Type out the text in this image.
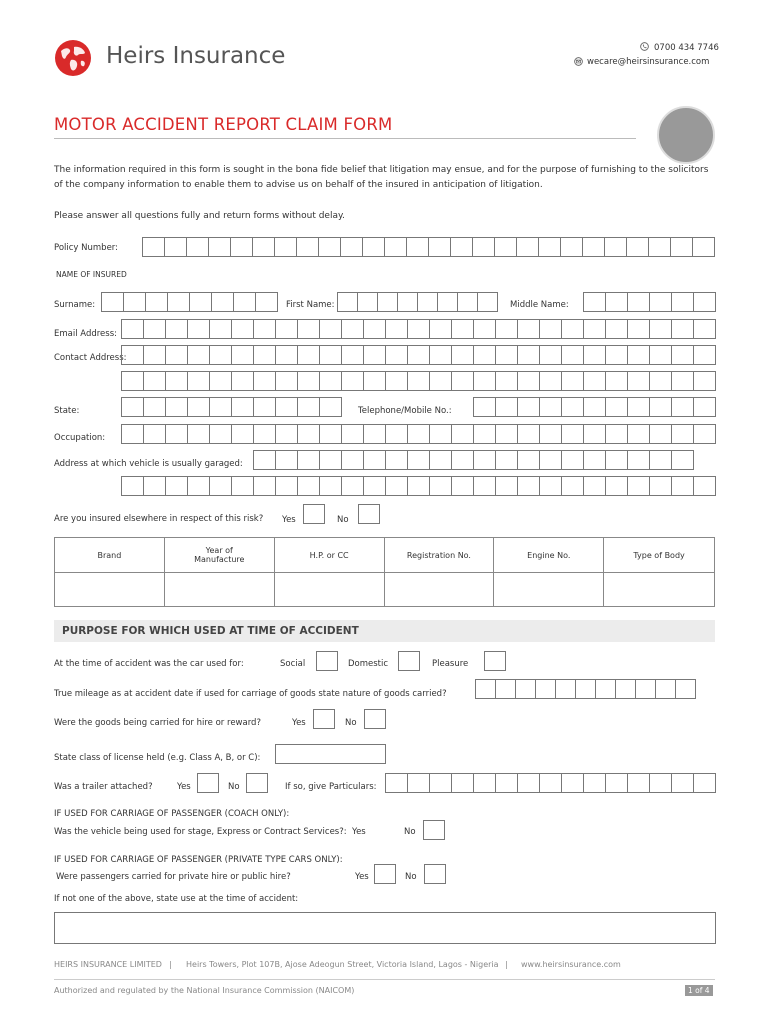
Heirs Insurance	0700 434 7746
wecare@heirsinsurance.com
MOTOR ACCIDENT REPORT CLAIM FORM
The information required in this form is sought in the bona fide belief that litigation may ensue, and for the purpose of furnishing to the solicitors of the company information to enable them to advise us on behalf of the insured in anticipation of litigation.
Please answer all questions fully and return forms without delay.
Policy Number:
NAME OF INSURED
Surname:	First Name:	Middle Name:
Email Address:
Contact Address:
State:	Telephone/Mobile No.:
Occupation:
Address at which vehicle is usually garaged:
Are you insured elsewhere in respect of this risk? Yes	No
Brand	Year of Manufacture	H.P. or CC	Registration No.	Engine No.	Type of Body

PURPOSE FOR WHICH USED AT TIME OF ACCIDENT
At the time of accident was the car used for:	Social	Domestic	Pleasure
True mileage as at accident date if used for carriage of goods state nature of goods carried?
Were the goods being carried for hire or reward?	Yes	No
State class of license held (e.g. Class A, B, or C):
Was a trailer attached?	Yes	No	If so, give Particulars:
IF USED FOR CARRIAGE OF PASSENGER (COACH ONLY):
Was the vehicle being used for stage, Express or Contract Services?: Yes	No
IF USED FOR CARRIAGE OF PASSENGER (PRIVATE TYPE CARS ONLY):
Were passengers carried for private hire or public hire?	Yes	No
If not one of the above, state use at the time of accident:
HEIRS INSURANCE LIMITED | Heirs Towers, Plot 107B, Ajose Adeogun Street, Victoria Island, Lagos - Nigeria | www.heirsinsurance.com
Authorized and regulated by the National Insurance Commission (NAICOM)	1 of 4
